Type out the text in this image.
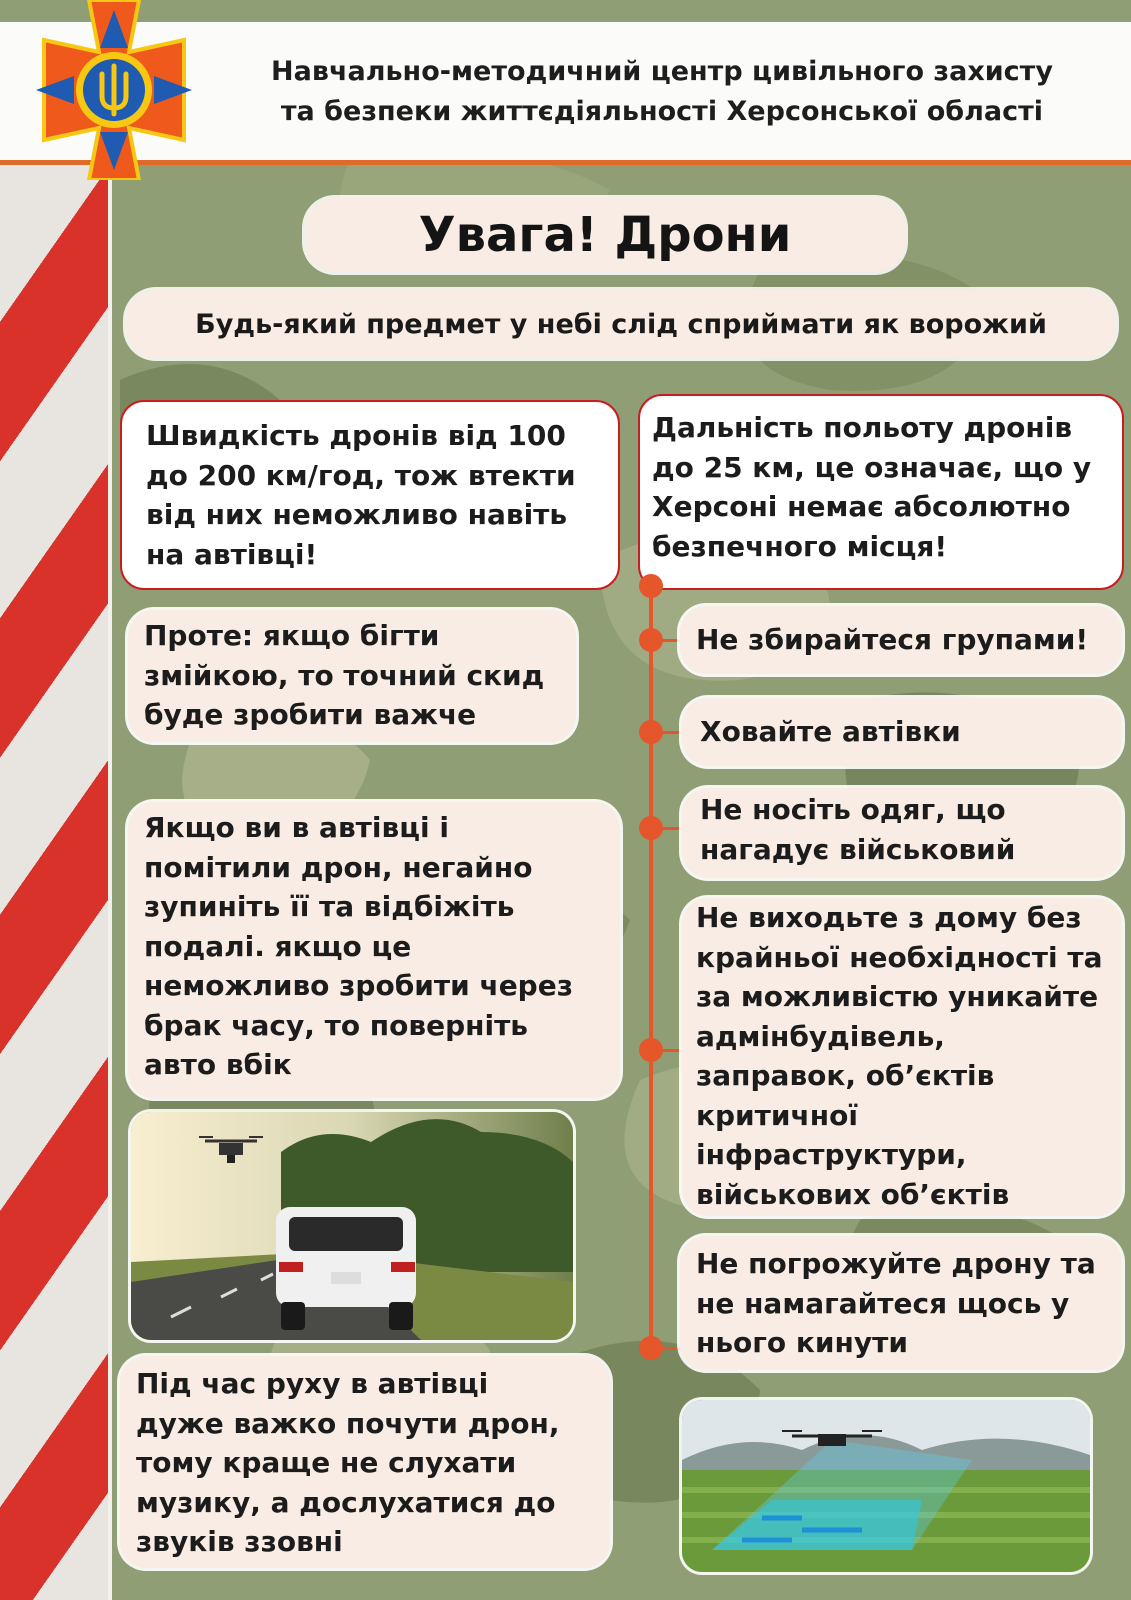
Навчально-методичний центр цивільного захисту
та безпеки життєдіяльності Херсонської області
Увага! Дрони
Будь-який предмет у небі слід сприймати як ворожий
Швидкість дронів від 100
до 200 км/год, тож втекти
від них неможливо навіть
на автівці!
Проте: якщо бігти
змійкою, то точний скид
буде зробити важче
Якщо ви в автівці і
помітили дрон, негайно
зупиніть її та відбіжіть
подалі. якщо це
неможливо зробити через
брак часу, то поверніть
авто вбік
Під час руху в автівці
дуже важко почути дрон,
тому краще не слухати
музику, а дослухатися до
звуків ззовні
Дальність польоту дронів
до 25 км, це означає, що у
Херсоні немає абсолютно
безпечного місця!
Не збирайтеся групами!
Ховайте автівки
Не носіть одяг, що
нагадує військовий
Не виходьте з дому без
крайньої необхідності та
за можливістю уникайте
адмінбудівель,
заправок, об’єктів
критичної
інфраструктури,
військових об’єктів
Не погрожуйте дрону та
не намагайтеся щось у
нього кинути
